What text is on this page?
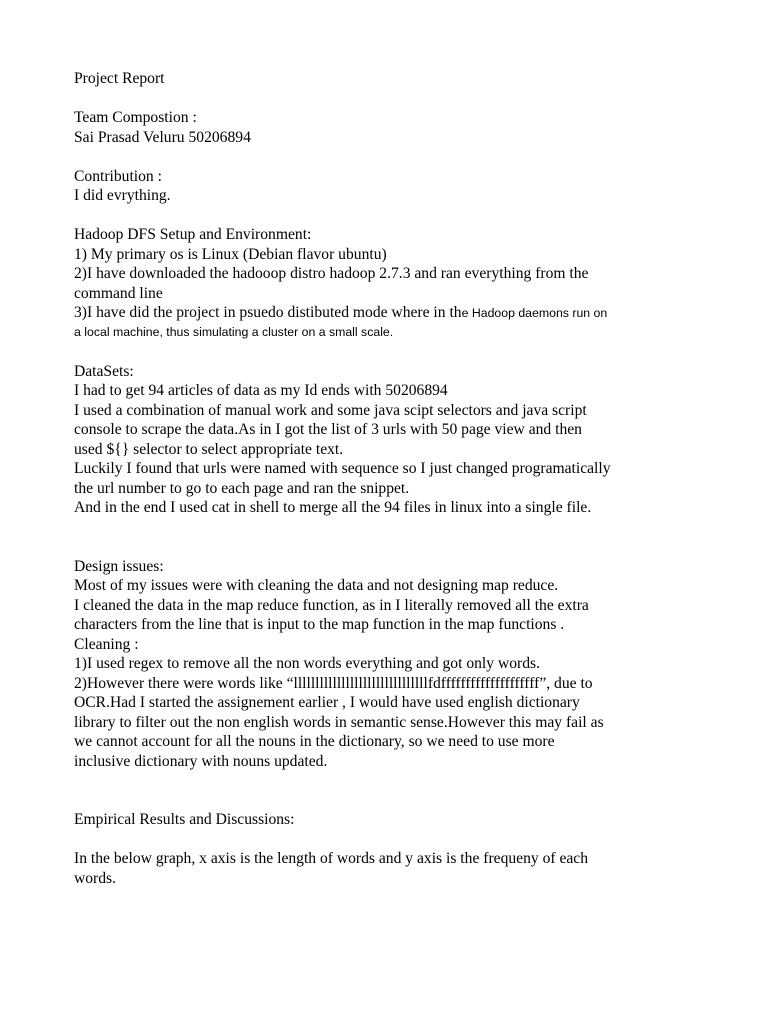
Project Report
Team Compostion :
Sai Prasad Veluru 50206894
Contribution :
I did evrything.
Hadoop DFS Setup and Environment:
1) My primary os is Linux (Debian flavor ubuntu)
2)I have downloaded the hadooop distro hadoop 2.7.3 and ran everything from the
command line
3)I have did the project in psuedo distibuted mode where in the Hadoop daemons run on
a local machine, thus simulating a cluster on a small scale.
DataSets:
I had to get 94 articles of data as my Id ends with 50206894
I used a combination of manual work and some java scipt selectors and java script
console to scrape the data.As in I got the list of 3 urls with 50 page view and then
used ${} selector to select appropriate text.
Luckily I found that urls were named with sequence so I just changed programatically
the url number to go to each page and ran the snippet.
And in the end I used cat in shell to merge all the 94 files in linux into a single file.
Design issues:
Most of my issues were with cleaning the data and not designing map reduce.
I cleaned the data in the map reduce function, as in I literally removed all the extra
characters from the line that is input to the map function in the map functions .
Cleaning :
1)I used regex to remove all the non words everything and got only words.
2)However there were words like “lllllllllllllllllllllllllllllllfdffffffffffffffffffff”, due to
OCR.Had I started the assignement earlier , I would have used english dictionary
library to filter out the non english words in semantic sense.However this may fail as
we cannot account for all the nouns in the dictionary, so we need to use more
inclusive dictionary with nouns updated.
Empirical Results and Discussions:
In the below graph, x axis is the length of words and y axis is the frequeny of each
words.
